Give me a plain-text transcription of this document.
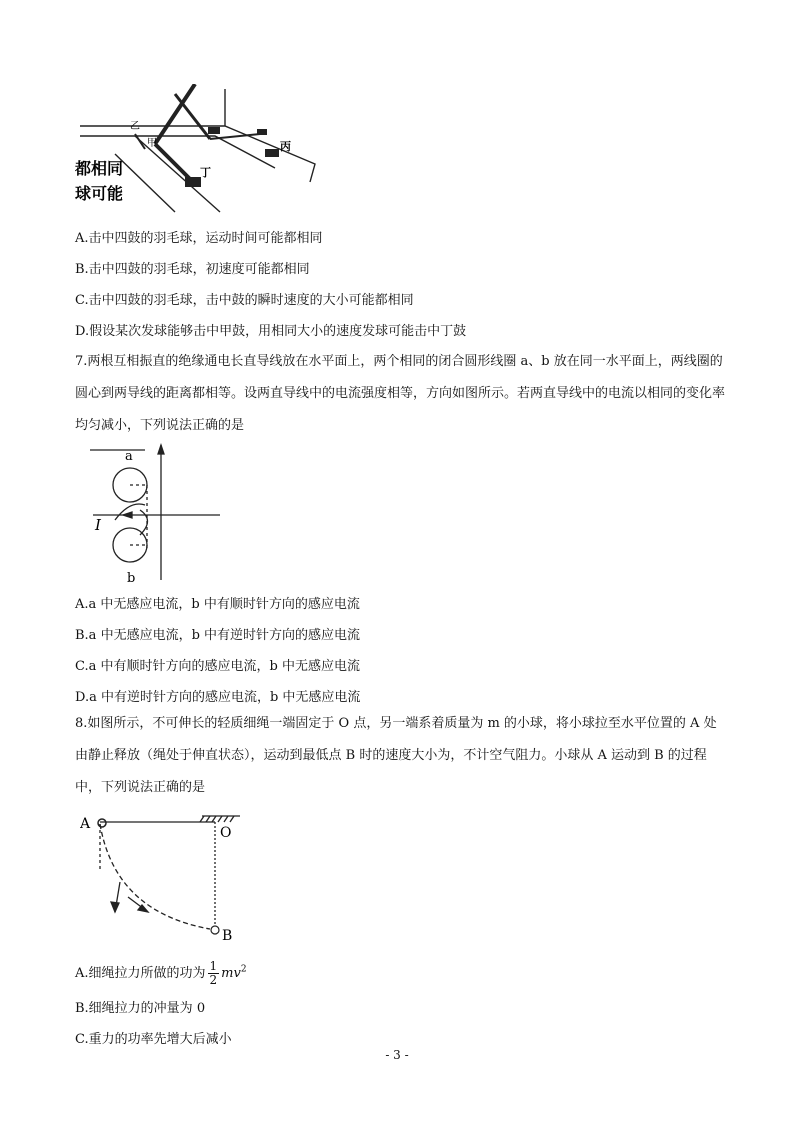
甲
乙
丙
丁
都相同
球可能
A.击中四鼓的羽毛球，运动时间可能都相同
B.击中四鼓的羽毛球，初速度可能都相同
C.击中四鼓的羽毛球，击中鼓的瞬时速度的大小可能都相同
D.假设某次发球能够击中甲鼓，用相同大小的速度发球可能击中丁鼓
7.两根互相振直的绝缘通电长直导线放在水平面上，两个相同的闭合圆形线圈 a、b 放在同一水平面上，两线圈的圆心到两导线的距离都相等。设两直导线中的电流强度相等，方向如图所示。若两直导线中的电流以相同的变化率均匀减小，下列说法正确的是
a
b
I
A.a 中无感应电流，b 中有顺时针方向的感应电流
B.a 中无感应电流，b 中有逆时针方向的感应电流
C.a 中有顺时针方向的感应电流，b 中无感应电流
D.a 中有逆时针方向的感应电流，b 中无感应电流
8.如图所示，不可伸长的轻质细绳一端固定于 O 点，另一端系着质量为 m 的小球，将小球拉至水平位置的 A 处由静止释放（绳处于伸直状态），运动到最低点 B 时的速度大小为，不计空气阻力。小球从 A 运动到 B 的过程中，下列说法正确的是
A
O
B
A.细绳拉力所做的功为 $\frac{1}{2} mv^2$
B.细绳拉力的冲量为 0
C.重力的功率先增大后减小
- 3 -
